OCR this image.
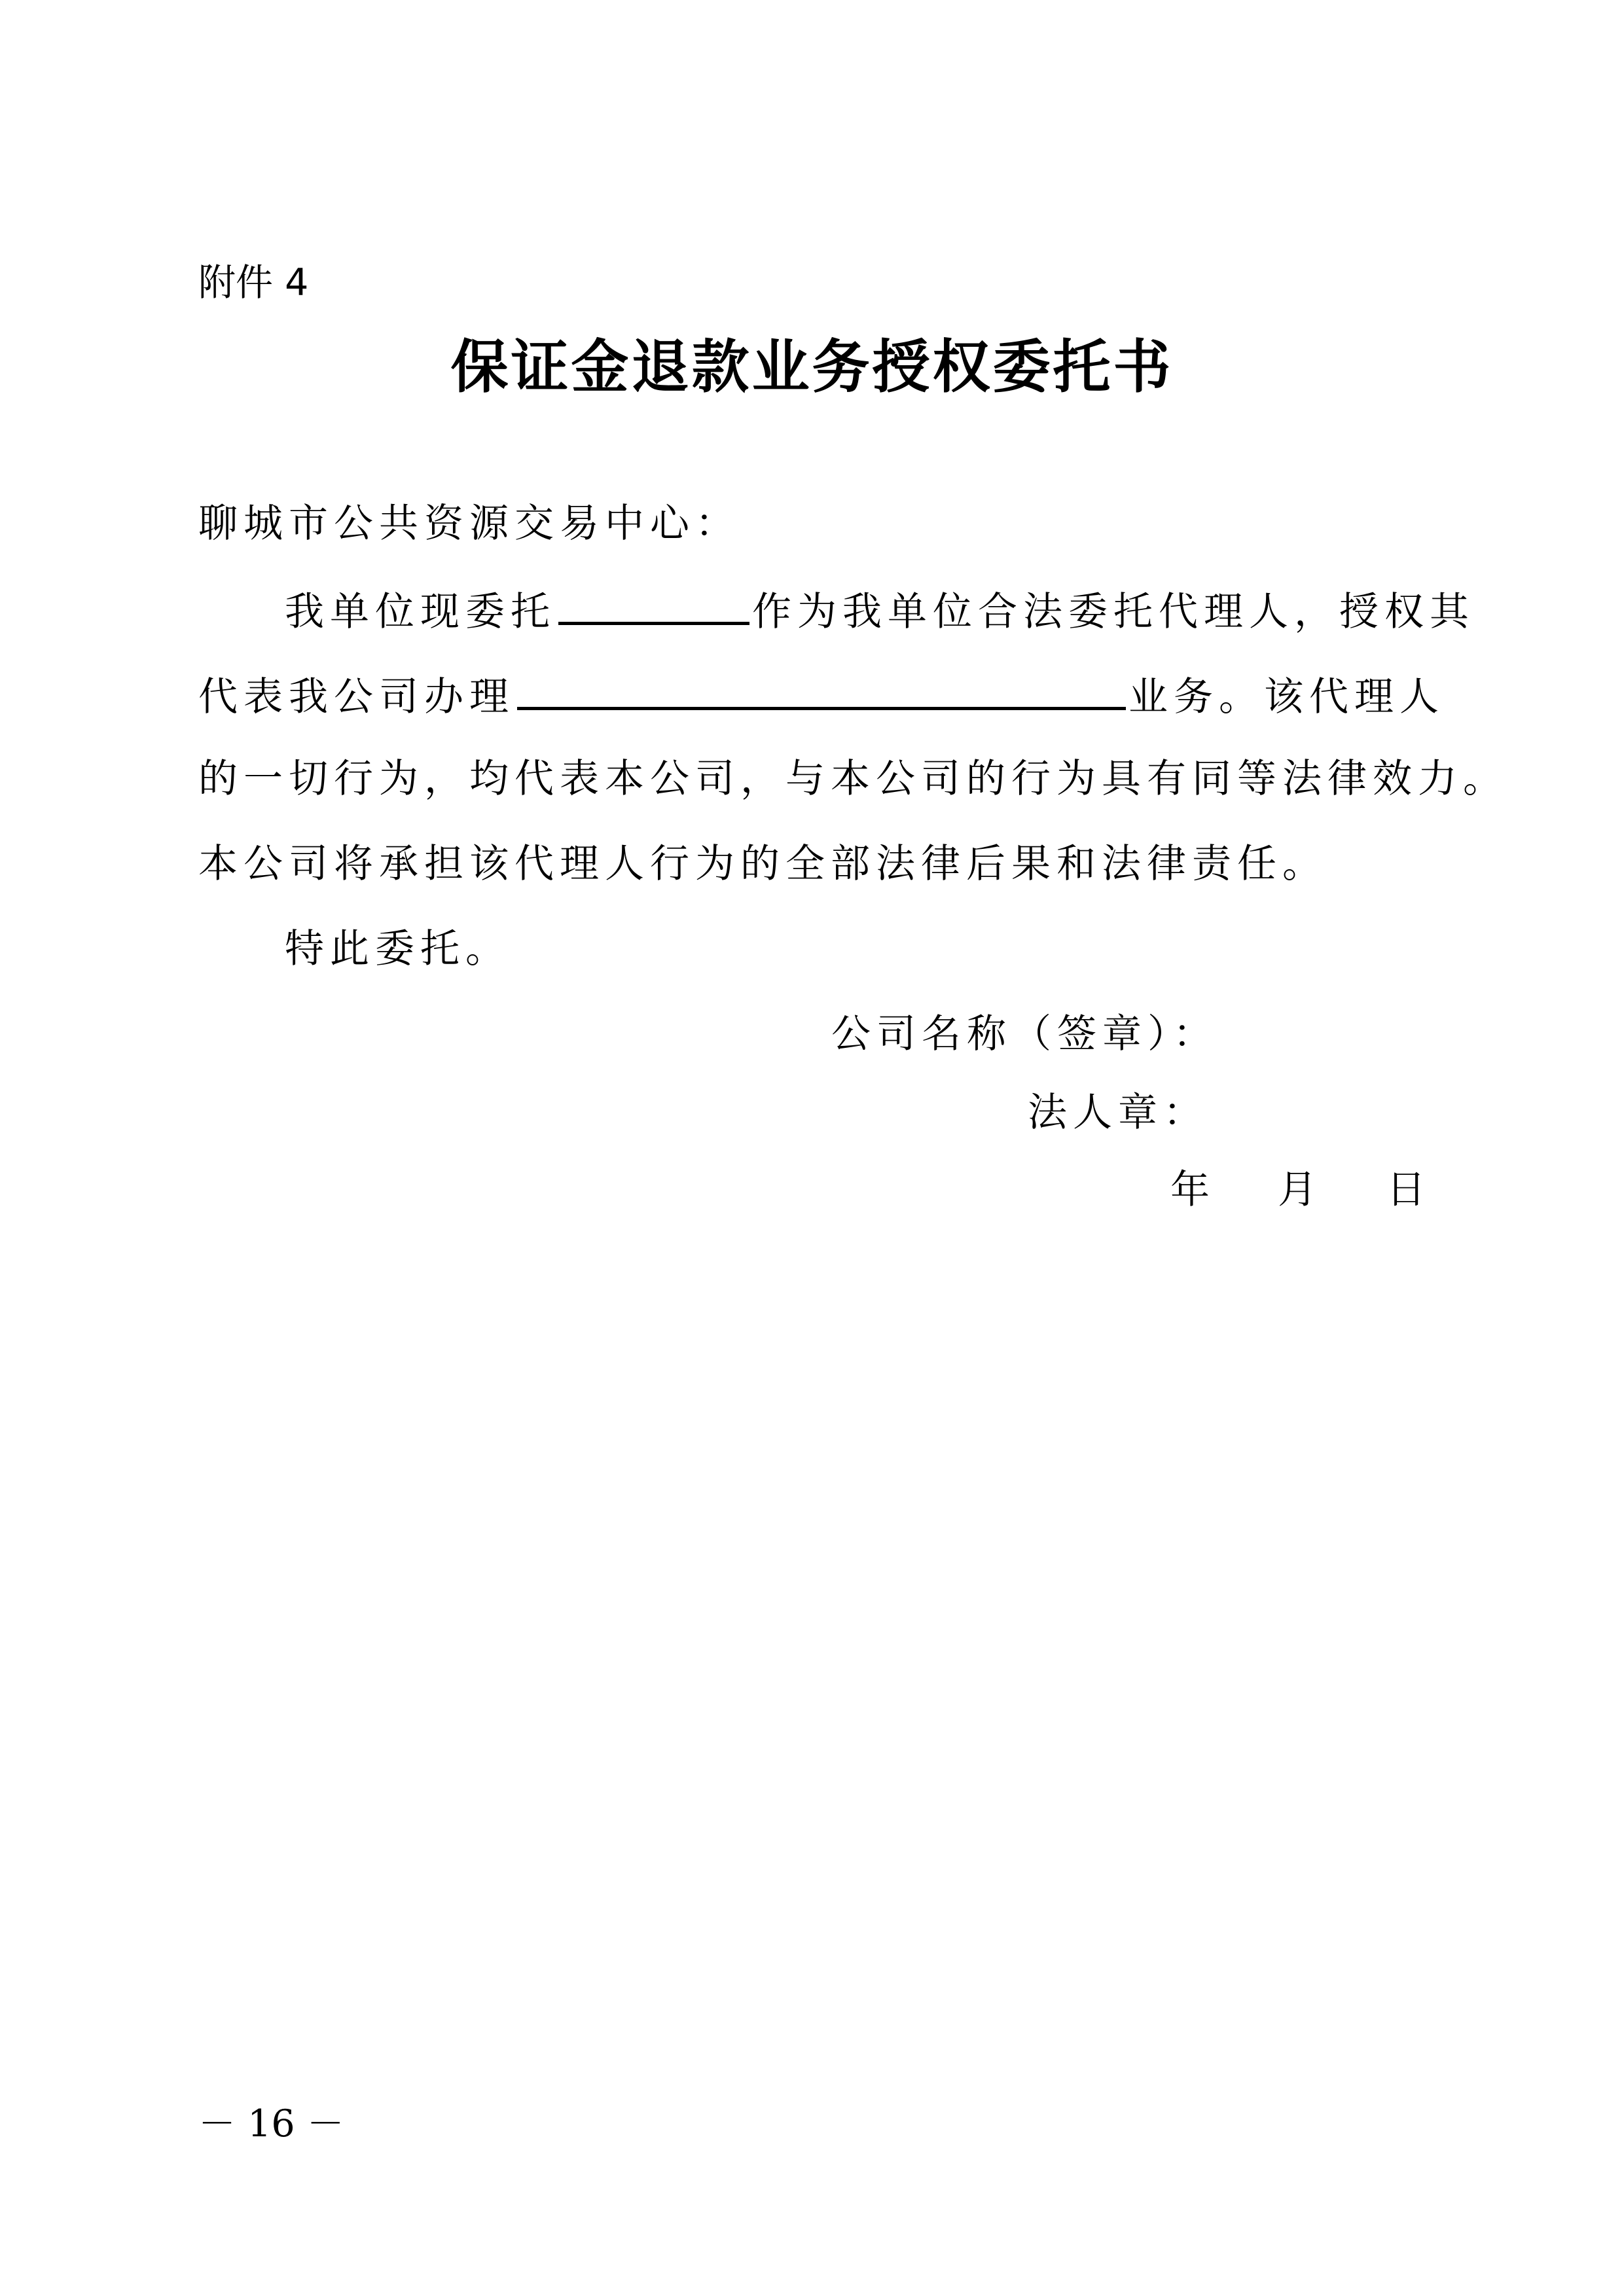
附件 4
保证金退款业务授权委托书
聊城市公共资源交易中心：
我单位现委托	作为我单位合法委托代理人，授权其
代表我公司办理	业务。该代理人
的一切行为，均代表本公司，与本公司的行为具有同等法律效力。
本公司将承担该代理人行为的全部法律后果和法律责任。
特此委托。
公司名称（签章）：
法人章：
年 月 日
－ 16 －
